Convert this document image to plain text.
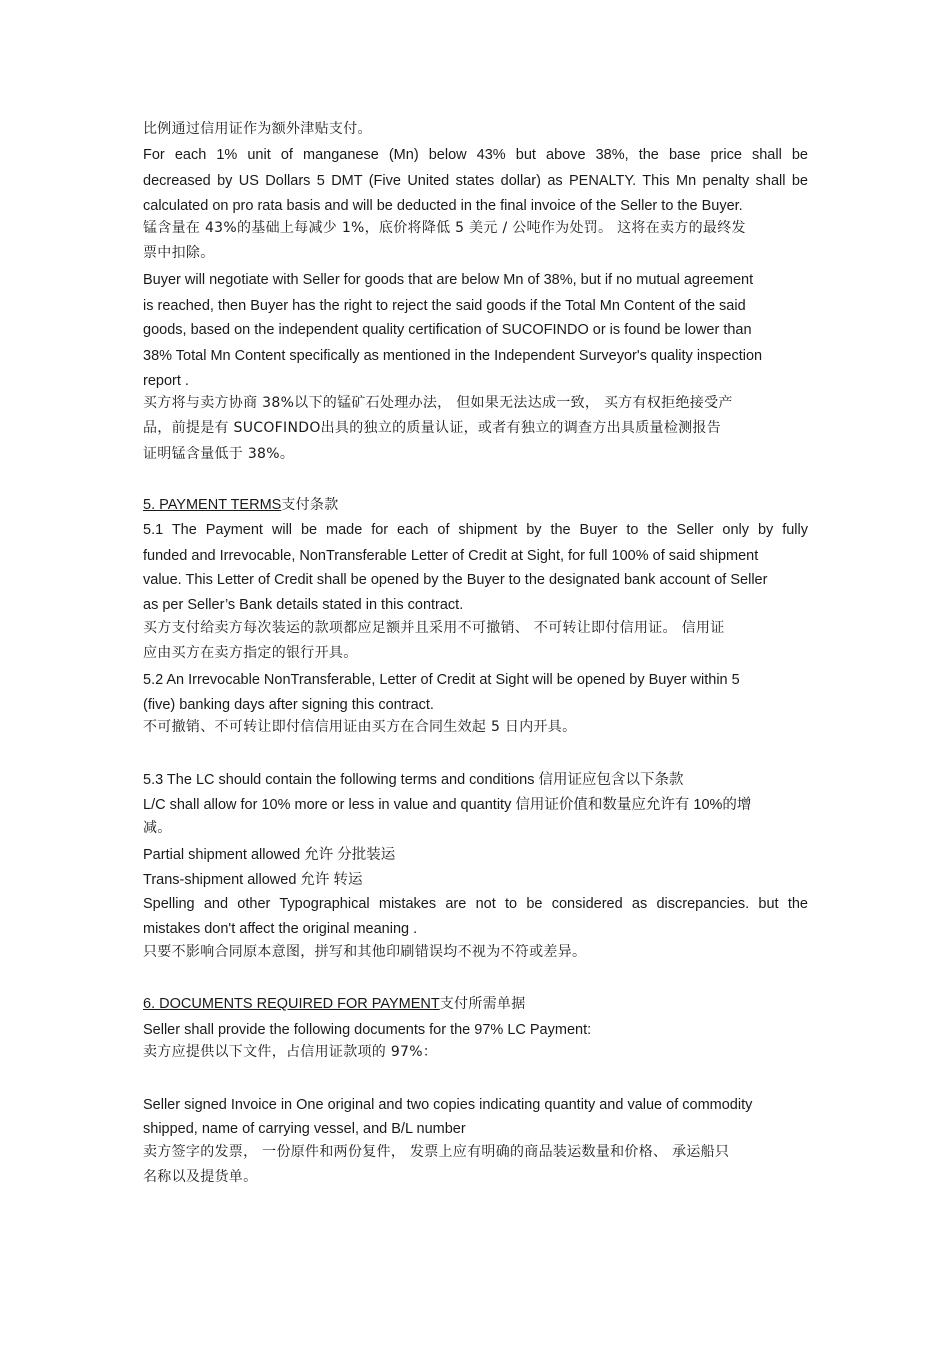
比例通过信用证作为额外津贴支付。
For each 1% unit of manganese (Mn) below 43% but above 38%, the base price shall be
decreased by US Dollars 5 DMT (Five United states dollar) as PENALTY. This Mn penalty shall be
calculated on pro rata basis and will be deducted in the final invoice of the Seller to the Buyer.
锰含量在 43%的基础上每减少 1%，底价将降低 5 美元 / 公吨作为处罚。 这将在卖方的最终发
票中扣除。
Buyer will negotiate with Seller for goods that are below Mn of 38%, but if no mutual agreement
is reached, then Buyer has the right to reject the said goods if the Total Mn Content of the said
goods, based on the independent quality certification of SUCOFINDO or is found be lower than
38% Total Mn Content specifically as mentioned in the Independent Surveyor's quality inspection
report .
买方将与卖方协商 38%以下的锰矿石处理办法， 但如果无法达成一致， 买方有权拒绝接受产
品，前提是有 SUCOFINDO出具的独立的质量认证，或者有独立的调查方出具质量检测报告
证明锰含量低于 38%。
5. PAYMENT TERMS支付条款
5.1 The Payment will be made for each of shipment by the Buyer to the Seller only by fully
funded and Irrevocable, NonTransferable Letter of Credit at Sight, for full 100% of said shipment
value. This Letter of Credit shall be opened by the Buyer to the designated bank account of Seller
as per Seller’s Bank details stated in this contract.
买方支付给卖方每次装运的款项都应足额并且采用不可撤销、 不可转让即付信用证。 信用证
应由买方在卖方指定的银行开具。
5.2 An Irrevocable NonTransferable, Letter of Credit at Sight will be opened by Buyer within 5
(five) banking days after signing this contract.
不可撤销、不可转让即付信信用证由买方在合同生效起 5 日内开具。
5.3 The LC should contain the following terms and conditions 信用证应包含以下条款
L/C shall allow for 10% more or less in value and quantity 信用证价值和数量应允许有 10%的增
减。
Partial shipment allowed 允许 分批装运
Trans-shipment allowed 允许 转运
Spelling and other Typographical mistakes are not to be considered as discrepancies. but the
mistakes don't affect the original meaning .
只要不影响合同原本意图，拼写和其他印刷错误均不视为不符或差异。
6. DOCUMENTS REQUIRED FOR PAYMENT支付所需单据
Seller shall provide the following documents for the 97% LC Payment:
卖方应提供以下文件，占信用证款项的 97%：
Seller signed Invoice in One original and two copies indicating quantity and value of commodity
shipped, name of carrying vessel, and B/L number
卖方签字的发票， 一份原件和两份复件， 发票上应有明确的商品装运数量和价格、 承运船只
名称以及提货单。
